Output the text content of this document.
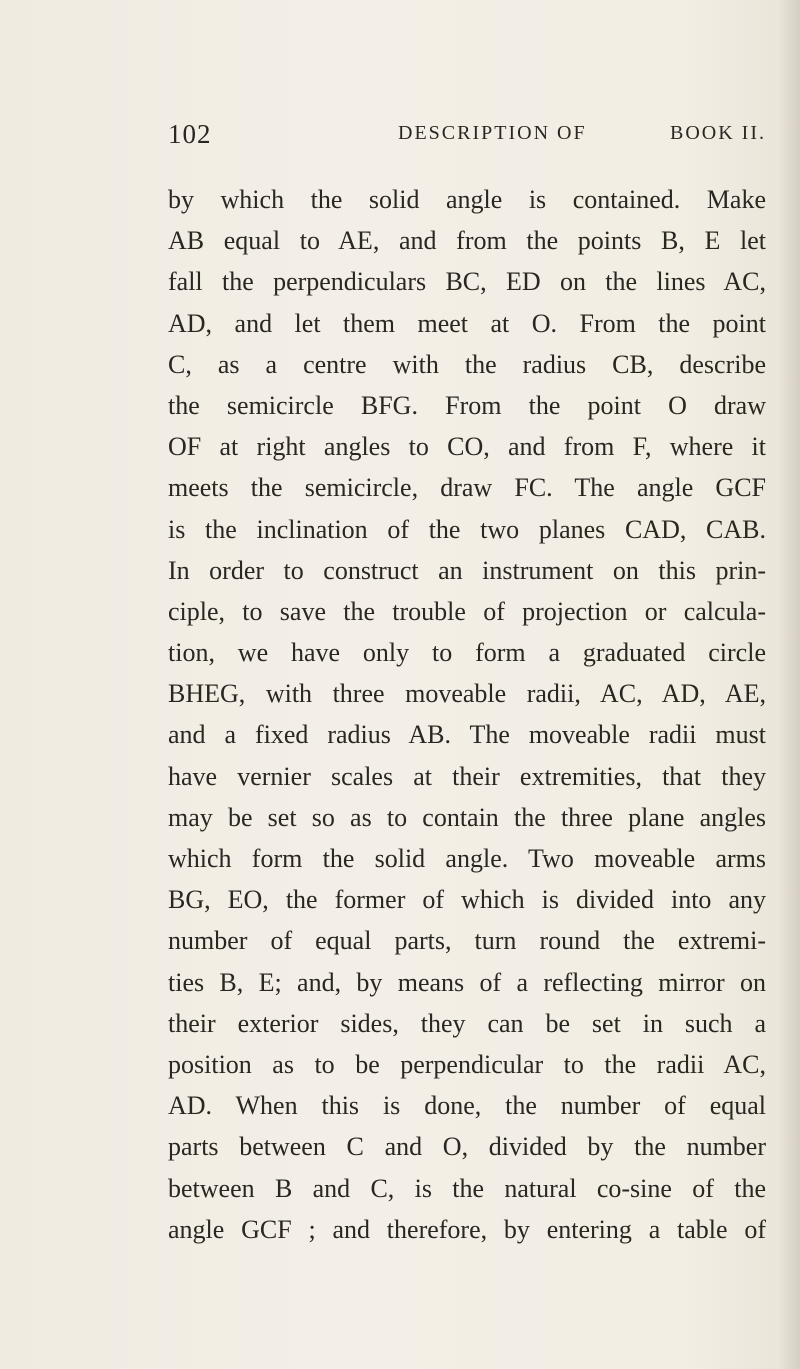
102	DESCRIPTION OF	BOOK II.
by which the solid angle is contained. Make
AB equal to AE, and from the points B, E let
fall the perpendiculars BC, ED on the lines AC,
AD, and let them meet at O. From the point
C, as a centre with the radius CB, describe
the semicircle BFG. From the point O draw
OF at right angles to CO, and from F, where it
meets the semicircle, draw FC. The angle GCF
is the inclination of the two planes CAD, CAB.
In order to construct an instrument on this prin-
ciple, to save the trouble of projection or calcula-
tion, we have only to form a graduated circle
BHEG, with three moveable radii, AC, AD, AE,
and a fixed radius AB. The moveable radii must
have vernier scales at their extremities, that they
may be set so as to contain the three plane angles
which form the solid angle. Two moveable arms
BG, EO, the former of which is divided into any
number of equal parts, turn round the extremi-
ties B, E; and, by means of a reflecting mirror on
their exterior sides, they can be set in such a
position as to be perpendicular to the radii AC,
AD. When this is done, the number of equal
parts between C and O, divided by the number
between B and C, is the natural co-sine of the
angle GCF ; and therefore, by entering a table of
